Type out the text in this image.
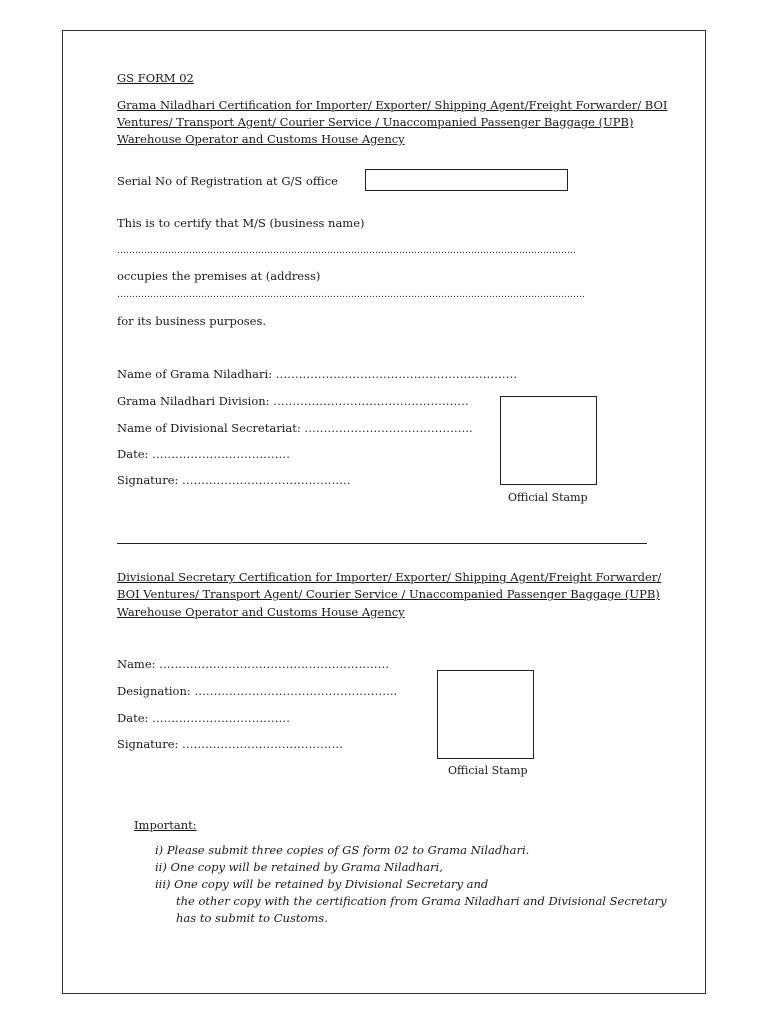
GS FORM 02
Grama Niladhari Certification for Importer/ Exporter/ Shipping Agent/Freight Forwarder/ BOI
Ventures/ Transport Agent/ Courier Service / Unaccompanied Passenger Baggage (UPB)
Warehouse Operator and Customs House Agency
Serial No of Registration at G/S office
This is to certify that M/S (business name)
………………………………………………………………………………………………………………………………………
occupies the premises at (address)
…………………………………………………………………………………………………………………………………………
for its business purposes.
Name of Grama Niladhari: ………………………………………………………
Grama Niladhari Division: ……………………………………………
Name of Divisional Secretariat: ……………………………………..
Date: ………………………………
Signature: ……………………………………..
Official Stamp
Divisional Secretary Certification for Importer/ Exporter/ Shipping Agent/Freight Forwarder/
BOI Ventures/ Transport Agent/ Courier Service / Unaccompanied Passenger Baggage (UPB)
Warehouse Operator and Customs House Agency
Name: ……………………………………………………
Designation: ……………………………………………..
Date: ………………………………
Signature: ……………………………………
Official Stamp
Important:
i) Please submit three copies of GS form 02 to Grama Niladhari.
ii) One copy will be retained by Grama Niladhari,
iii) One copy will be retained by Divisional Secretary and
the other copy with the certification from Grama Niladhari and Divisional Secretary
has to submit to Customs.
